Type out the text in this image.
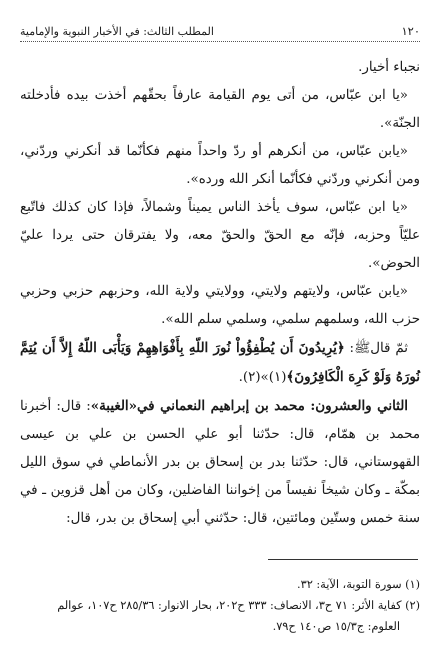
١٢٠
المطلب الثالث: في الأخبار النبوية والإمامية

نجباء أخيار.

«يا ابن عبّاس، من أتى يوم القيامة عارفاً بحقّهم أخذت بيده فأدخلته الجنّة».

«يابن عبّاس، من أنكرهم أو ردّ واحداً منهم فكأنّما قد أنكرني وردّني، ومن أنكرني وردّني فكأنّما أنكر الله ورده».

«يا ابن عبّاس، سوف يأخذ الناس يميناً وشمالاً، فإذا كان كذلك فاتّبع عليّاً وحزبه، فإنّه مع الحقّ والحقّ معه، ولا يفترقان حتى يردا عليّ الحوض».

«يابن عبّاس، ولايتهم ولايتي، وولايتي ولاية الله، وحزبهم حزبي وحزبي حزب الله، وسلمهم سلمي، وسلمي سلم الله».

ثمّ قالﷺ: ﴿يُرِيدُونَ أَن يُطْفِؤُواْ نُورَ اللّهِ بِأَفْوَاهِهِمْ وَيَأْبَى اللّهُ إِلاَّ أَن يُتِمَّ نُورَهُ وَلَوْ كَرِهَ الْكَافِرُونَ﴾(١)»(٢).

الثاني والعشرون: محمد بن إبراهيم النعماني في«الغيبة»: قال: أخبرنا محمد بن همّام، قال: حدّثنا أبو علي الحسن بن علي بن عيسى القهوستاني، قال: حدّثنا بدر بن إسحاق بن بدر الأنماطي في سوق الليل بمكّة ـ وكان شيخاً نفيساً من إخواننا الفاضلين، وكان من أهل قزوين ـ في سنة خمس وستّين ومائتين، قال: حدّثني أبي إسحاق بن بدر، قال:

(١) سورة التوبة، الآية: ٣٢.

(٢) كفاية الأثر: ٧١ ح٣، الانصاف: ٣٣٣ ح٢٠٢، بحار الانوار: ٢٨٥/٣٦ ح١٠٧، عوالم

العلوم: ج١٥/٣ ص١٤٠ ح٧٩.
